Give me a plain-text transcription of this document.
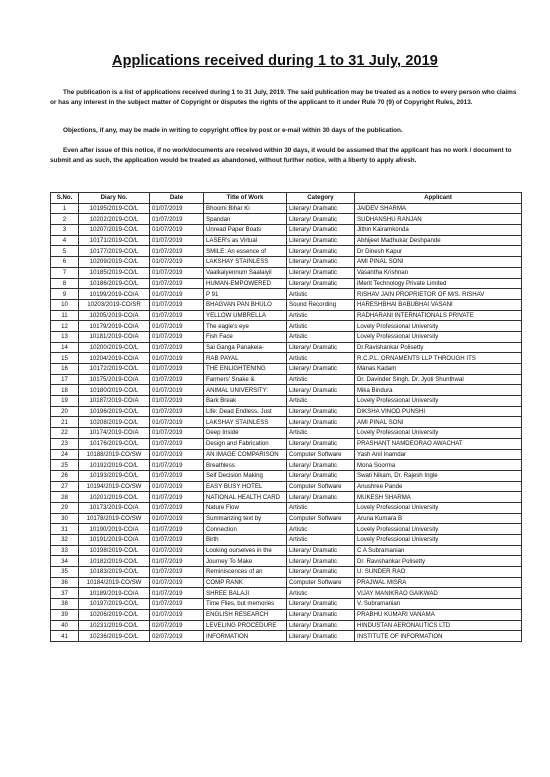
Applications received during 1 to 31 July, 2019
The publication is a list of applications received during 1 to 31 July, 2019. The said publication may be treated as a notice to every person who claims or has any interest in the subject matter of Copyright or disputes the rights of the applicant to it under Rule 70 (9) of Copyright Rules, 2013.
Objections, if any, may be made in writing to copyright office by post or e-mail within 30 days of the publication.
Even after issue of this notice, if no work/documents are received within 30 days, it would be assumed that the applicant has no work / document to submit and as such, the application would be treated as abandoned, without further notice, with a liberty to apply afresh.
S.No.	Diary No.	Date	Title of Work	Category	Applicant
1	10195/2019-CO/L	01/07/2019	Bhoomi Bihar Ki	Literary/ Dramatic	JAIDEV SHARMA
2	10202/2019-CO/L	01/07/2019	Spandan	Literary/ Dramatic	SUDHANSHU RANJAN
3	10207/2019-CO/L	01/07/2019	Unread Paper Boats	Literary/ Dramatic	Jithin Kairamkonda
4	10171/2019-CO/L	01/07/2019	LASER's as Virtual	Literary/ Dramatic	Abhijeet Madhukar Deshpande
5	10177/2019-CO/L	01/07/2019	SMILE: An essence of	Literary/ Dramatic	Dr Dinesh Kapur
6	10209/2019-CO/L	01/07/2019	LAKSHAY STAINLESS	Literary/ Dramatic	AMI PINAL SONI
7	10185/2019-CO/L	01/07/2019	Vaalkaiyennum Saalaiyil	Literary/ Dramatic	Vasantha Krishnan
8	10186/2019-CO/L	01/07/2019	HUMAN-EMPOWERED	Literary/ Dramatic	iMerit Technology Private Limited
9	10199/2019-CO/A	01/07/2019	P 91	Artistic	RISHAV JAIN PROPRIETOR OF M/S. RISHAV
10	10203/2019-CO/SR	01/07/2019	BHAGVAN PAN BHULO	Sound Recording	HARESHBHAI BABUBHAI VASANI
11	10205/2019-CO/A	01/07/2019	YELLOW UMBRELLA	Artistic	RADHARANI INTERNATIONALS PRIVATE
12	10179/2019-CO/A	01/07/2019	The eagle's eye	Artistic	Lovely Professional University
13	10181/2019-CO/A	01/07/2019	Fish Face	Artistic	Lovely Professional University
14	10200/2019-CO/L	01/07/2019	Sai Ganga Panakeia-	Literary/ Dramatic	Dr.Ravishankar Polisetty
15	10204/2019-CO/A	01/07/2019	RAB PAYAL	Artistic	R.C.P.L. ORNAMENTS LLP THROUGH ITS
16	10172/2019-CO/L	01/07/2019	THE ENLIGHTENING	Literary/ Dramatic	Manas Kadam
17	10175/2019-CO/A	01/07/2019	Farmers' Snake &	Artistic	Dr. Davinder Singh, Dr. Jyoti Shunthwal
18	10180/2019-CO/L	01/07/2019	ANIMAL UNIVERSITY:	Literary/ Dramatic	Mika Bindura
19	10187/2019-CO/A	01/07/2019	Bark Break	Artistic	Lovely Professional University
20	10196/2019-CO/L	01/07/2019	Life: Dead Endless, Just	Literary/ Dramatic	DIKSHA VINOD PUNSHI
21	10208/2019-CO/L	01/07/2019	LAKSHAY STAINLESS	Literary/ Dramatic	AMI PINAL SONI
22	10174/2019-CO/A	01/07/2019	Deep Inside	Artistic	Lovely Professional University
23	10176/2019-CO/L	01/07/2019	Design and Fabrication	Literary/ Dramatic	PRASHANT NAMDEORAO AWACHAT
24	10188/2019-CO/SW	01/07/2019	AN IMAGE COMPARISON	Computer Software	Yash Anil Inamdar
25	10192/2019-CO/L	01/07/2019	Breathless	Literary/ Dramatic	Mona Soorma
26	10193/2019-CO/L	01/07/2019	Self Decision Making	Literary/ Dramatic	Swati Nikam, Dr. Rajesh Ingle
27	10194/2019-CO/SW	01/07/2019	EASY BUSY HOTEL	Computer Software	Anushree Pande
28	10201/2019-CO/L	01/07/2019	NATIONAL HEALTH CARD	Literary/ Dramatic	MUKESH SHARMA
29	10173/2019-CO/A	01/07/2019	Nature Flow	Artistic	Lovely Professional University
30	10178/2019-CO/SW	01/07/2019	Summarizing text by	Computer Software	Aruna Kumara B
31	10190/2019-CO/A	01/07/2019	Connection	Artistic	Lovely Professional University
32	10191/2019-CO/A	01/07/2019	Birth	Artistic	Lovely Professional University
33	10198/2019-CO/L	01/07/2019	Looking ourselves in the	Literary/ Dramatic	C A Subramanian
34	10182/2019-CO/L	01/07/2019	Journey To Make	Literary/ Dramatic	Dr. Ravishankar Polisetty
35	10183/2019-CO/L	01/07/2019	Reminiscences of an	Literary/ Dramatic	U. SUNDER RAO
36	10184/2019-CO/SW	01/07/2019	COMP RANK	Computer Software	PRAJWAL MISRA
37	10189/2019-CO/A	01/07/2019	SHREE BALAJI	Artistic	VIJAY MANIKRAO GAIKWAD
38	10197/2019-CO/L	01/07/2019	Time Flies, but memories	Literary/ Dramatic	V. Subramanian
39	10206/2019-CO/L	01/07/2019	ENGLISH RESEARCH	Literary/ Dramatic	PRABHU KUMARI VANAMA
40	10231/2019-CO/L	02/07/2019	LEVELING PROCEDURE	Literary/ Dramatic	HINDUSTAN AERONAUTICS LTD
41	10236/2019-CO/L	02/07/2019	INFORMATION	Literary/ Dramatic	INSTITUTE OF INFORMATION
